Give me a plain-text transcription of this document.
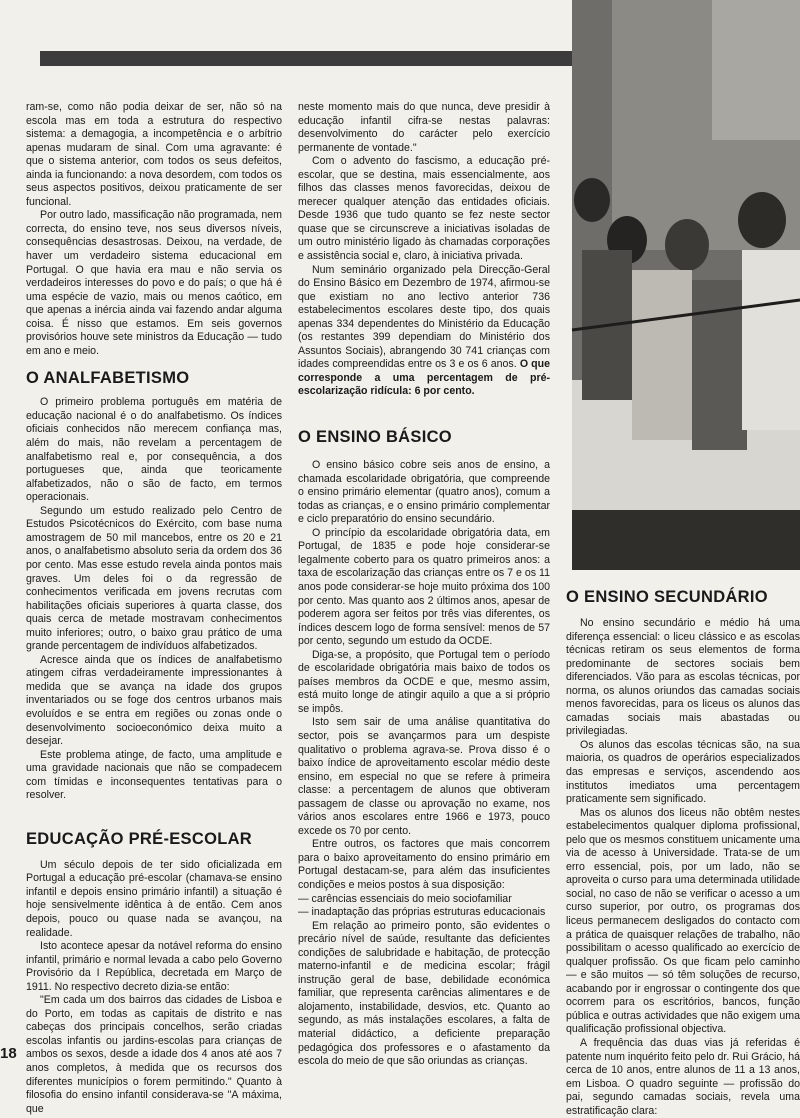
ram-se, como não podia deixar de ser, não só na escola mas em toda a estrutura do respectivo sistema: a demagogia, a incompetência e o arbítrio apenas mudaram de sinal. Com uma agravante: é que o sistema anterior, com todos os seus defeitos, ainda ia funcionando: a nova desordem, com todos os seus aspectos positivos, deixou praticamente de ser funcional.

Por outro lado, massificação não programada, nem correcta, do ensino teve, nos seus diversos níveis, consequências desastrosas. Deixou, na verdade, de haver um verdadeiro sistema educacional em Portugal. O que havia era mau e não servia os verdadeiros interesses do povo e do país; o que há é uma espécie de vazio, mais ou menos caótico, em que apenas a inércia ainda vai fazendo andar alguma coisa. É nisso que estamos. Em seis governos provisórios houve sete ministros da Educação — tudo em ano e meio.

O ANALFABETISMO

O primeiro problema português em matéria de educação nacional é o do analfabetismo. Os índices oficiais conhecidos não merecem confiança mas, além do mais, não revelam a percentagem de analfabetismo real e, por consequência, a dos portugueses que, ainda que teoricamente alfabetizados, não o são de facto, em termos operacionais.

Segundo um estudo realizado pelo Centro de Estudos Psicotécnicos do Exército, com base numa amostragem de 50 mil mancebos, entre os 20 e 21 anos, o analfabetismo absoluto seria da ordem dos 36 por cento. Mas esse estudo revela ainda pontos mais graves. Um deles foi o da regressão de conhecimentos verificada em jovens recrutas com habilitações oficiais superiores à quarta classe, dos quais cerca de metade mostravam conhecimentos muito inferiores; outro, o baixo grau prático de uma grande percentagem de indivíduos alfabetizados.

Acresce ainda que os índices de analfabetismo atingem cifras verdadeiramente impressionantes à medida que se avança na idade dos grupos inventariados ou se foge dos centros urbanos mais evoluídos e se entra em regiões ou zonas onde o desenvolvimento socioeconómico deixa muito a desejar.

Este problema atinge, de facto, uma amplitude e uma gravidade nacionais que não se compadecem com tímidas e inconsequentes tentativas para o resolver.

EDUCAÇÃO PRÉ-ESCOLAR

Um século depois de ter sido oficializada em Portugal a educação pré-escolar (chamava-se ensino infantil e depois ensino primário infantil) a situação é hoje sensivelmente idêntica à de então. Cem anos depois, pouco ou quase nada se avançou, na realidade.

Isto acontece apesar da notável reforma do ensino infantil, primário e normal levada a cabo pelo Governo Provisório da I República, decretada em Março de 1911. No respectivo decreto dizia-se então:

"Em cada um dos bairros das cidades de Lisboa e do Porto, em todas as capitais de distrito e nas cabeças dos principais concelhos, serão criadas escolas infantis ou jardins-escolas para crianças de ambos os sexos, desde a idade dos 4 anos até aos 7 anos completos, à medida que os recursos dos diferentes municípios o forem permitindo." Quanto à filosofia do ensino infantil considerava-se "A máxima, que

neste momento mais do que nunca, deve presidir à educação infantil cifra-se nestas palavras: desenvolvimento do carácter pelo exercício permanente de vontade."

Com o advento do fascismo, a educação pré-escolar, que se destina, mais essencialmente, aos filhos das classes menos favorecidas, deixou de merecer qualquer atenção das entidades oficiais. Desde 1936 que tudo quanto se fez neste sector quase que se circunscreve a iniciativas isoladas de um outro ministério ligado às chamadas corporações e assistência social e, claro, à iniciativa privada.

Num seminário organizado pela Direcção-Geral do Ensino Básico em Dezembro de 1974, afirmou-se que existiam no ano lectivo anterior 736 estabelecimentos escolares deste tipo, dos quais apenas 334 dependentes do Ministério da Educação (os restantes 399 dependiam do Ministério dos Assuntos Sociais), abrangendo 30 741 crianças com idades compreendidas entre os 3 e os 6 anos. O que corresponde a uma percentagem de pré-escolarização ridícula: 6 por cento.

O ENSINO BÁSICO

O ensino básico cobre seis anos de ensino, a chamada escolaridade obrigatória, que compreende o ensino primário elementar (quatro anos), comum a todas as crianças, e o ensino primário complementar e ciclo preparatório do ensino secundário.

O princípio da escolaridade obrigatória data, em Portugal, de 1835 e pode hoje considerar-se legalmente coberto para os quatro primeiros anos: a taxa de escolarização das crianças entre os 7 e os 11 anos pode considerar-se hoje muito próxima dos 100 por cento. Mas quanto aos 2 últimos anos, apesar de poderem agora ser feitos por três vias diferentes, os índices descem logo de forma sensível: menos de 57 por cento, segundo um estudo da OCDE.

Diga-se, a propósito, que Portugal tem o período de escolaridade obrigatória mais baixo de todos os países membros da OCDE e que, mesmo assim, está muito longe de atingir aquilo a que a si próprio se impôs.

Isto sem sair de uma análise quantitativa do sector, pois se avançarmos para um despiste qualitativo o problema agrava-se. Prova disso é o baixo índice de aproveitamento escolar médio deste ensino, em especial no que se refere à primeira classe: a percentagem de alunos que obtiveram passagem de classe ou aprovação no exame, nos vários anos escolares entre 1966 e 1973, pouco excede os 70 por cento.

Entre outros, os factores que mais concorrem para o baixo aproveitamento do ensino primário em Portugal destacam-se, para além das insuficientes condições e meios postos à sua disposição:

— carências essenciais do meio sociofamiliar

— inadaptação das próprias estruturas educacionais

Em relação ao primeiro ponto, são evidentes o precário nível de saúde, resultante das deficientes condições de salubridade e habitação, de protecção materno-infantil e de medicina escolar; frágil instrução geral de base, debilidade económica familiar, que representa carências alimentares e de alojamento, instabilidade, desvios, etc. Quanto ao segundo, as más instalações escolares, a falta de material didáctico, a deficiente preparação pedagógica dos professores e o afastamento da escola do meio de que são oriundas as crianças.

O ENSINO SECUNDÁRIO

No ensino secundário e médio há uma diferença essencial: o liceu clássico e as escolas técnicas retiram os seus elementos de forma predominante de sectores sociais bem diferenciados. Vão para as escolas técnicas, por norma, os alunos oriundos das camadas sociais menos favorecidas, para os liceus os alunos das camadas sociais mais abastadas ou privilegiadas.

Os alunos das escolas técnicas são, na sua maioria, os quadros de operários especializados das empresas e serviços, ascendendo aos institutos imediatos uma percentagem praticamente sem significado.

Mas os alunos dos liceus não obtêm nestes estabelecimentos qualquer diploma profissional, pelo que os mesmos constituem unicamente uma via de acesso à Universidade. Trata-se de um erro essencial, pois, por um lado, não se aproveita o curso para uma determinada utilidade social, no caso de não se verificar o acesso a um curso superior, por outro, os programas dos liceus permanecem desligados do contacto com a prática de quaisquer relações de trabalho, não possibilitam o acesso qualificado ao exercício de qualquer profissão. Os que ficam pelo caminho — e são muitos — só têm soluções de recurso, acabando por ir engrossar o contingente dos que ocorrem para os escritórios, bancos, função pública e outras actividades que não exigem uma qualificação profissional objectiva.

A frequência das duas vias já referidas é patente num inquérito feito pelo dr. Rui Grácio, há cerca de 10 anos, entre alunos de 11 a 13 anos, em Lisboa. O quadro seguinte — profissão do pai, segundo camadas sociais, revela uma estratificação clara:

18
